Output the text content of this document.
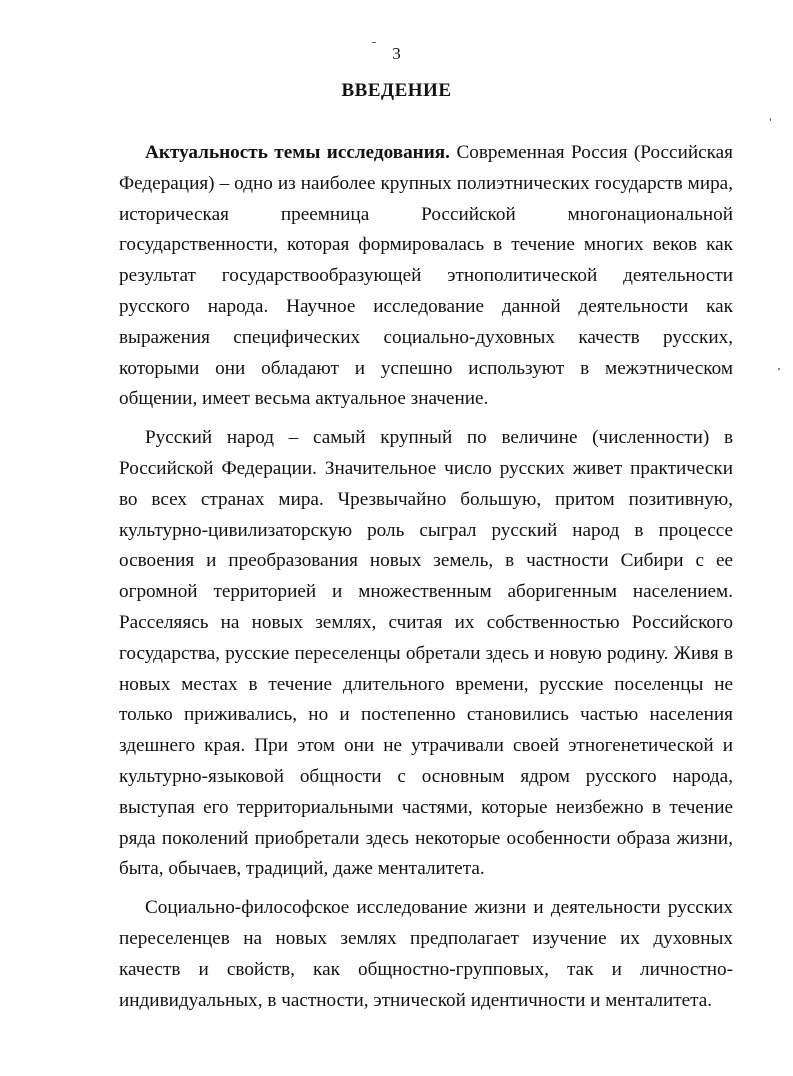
3
ВВЕДЕНИЕ

Актуальность темы исследования. Современная Россия (Российская Федерация) – одно из наиболее крупных полиэтнических государств мира, историческая преемница Российской многонациональной государственности, которая формировалась в течение многих веков как результат государствообразующей этнополитической деятельности русского народа. Научное исследование данной деятельности как выражения специфических социально-духовных качеств русских, которыми они обладают и успешно используют в межэтническом общении, имеет весьма актуальное значение.

Русский народ – самый крупный по величине (численности) в Российской Федерации. Значительное число русских живет практически во всех странах мира. Чрезвычайно большую, притом позитивную, культурно-цивилизаторскую роль сыграл русский народ в процессе освоения и преобразования новых земель, в частности Сибири с ее огромной территорией и множественным аборигенным населением. Расселяясь на новых землях, считая их собственностью Российского государства, русские переселенцы обретали здесь и новую родину. Живя в новых местах в течение длительного времени, русские поселенцы не только приживались, но и постепенно становились частью населения здешнего края. При этом они не утрачивали своей этногенетической и культурно-языковой общности с основным ядром русского народа, выступая его территориальными частями, которые неизбежно в течение ряда поколений приобретали здесь некоторые особенности образа жизни, быта, обычаев, традиций, даже менталитета.

Социально-философское исследование жизни и деятельности русских переселенцев на новых землях предполагает изучение их духовных качеств и свойств, как общностно-групповых, так и личностно-индивидуальных, в частности, этнической идентичности и менталитета.
